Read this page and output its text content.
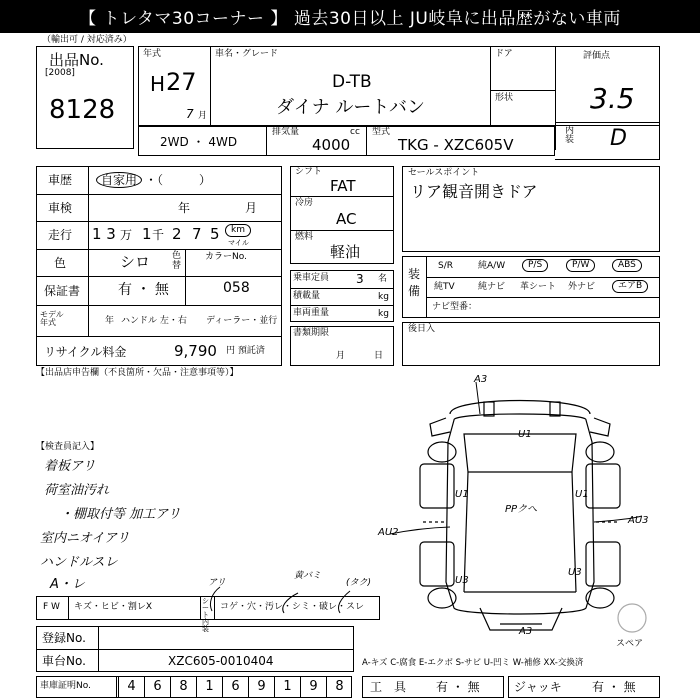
【 トレタマ30コーナー 】 過去30日以上 JU岐阜に出品歴がない車両
（輸出可 / 対応済み）
出品No.
[2008]
8128
年式
H 27
7 月
車名・グレード
D-TB
ダイナ ルートバン
ドア
形状
評価点
3.5
内装 D
2WD ・ 4WD
排気量	cc
4000
型式
TKG - XZC605V
車歴	自家用 ・（　　　）
車検	年	月
走行 1 3 万 1 千 2 7 5	km
マイル
色	シロ 色替
カラーNo.
058
保証書	有 ・ 無
モデル年式	年 ハンドル 左・右 ディーラー・並行
リサイクル料金	9,790 円 預託済
シフト
FAT
冷房
AC
燃料
軽油
乗車定員 3 名
積載量	kg
車両重量	kg
書類期限
月	日
セールスポイント
リア観音開きドア
装備
S/R	純A/W	P/S	P/W	ABS
純TV	純ナビ 革シート 外ナビ	エアB
ナビ型番：
後日入
【出品店申告欄（不良箇所・欠品・注意事項等）】
【検査員記入】
着板アリ
荷室油汚れ
・棚取付等 加工アリ
室内ニオイアリ
ハンドルスレ
A・レ
F W キズ・ヒビ・割レX
シート内装
コゲ・穴・汚レ・シミ・破レ・スレ
アリ
黄バミ
(タク)
登録No.
車台No.	XZC605-0010404	A-キズ C-腐食 E-エクボ S-サビ U-凹ミ W-補修 XX-交換済
車庫証明No.	4	6	8	1	6	9	1	9	8	工　具 有 ・ 無	ジャッキ	有 ・ 無
スペア
A3
U1
U1	U1
PPクへ
AU2
AU3
U3
U3
A3
